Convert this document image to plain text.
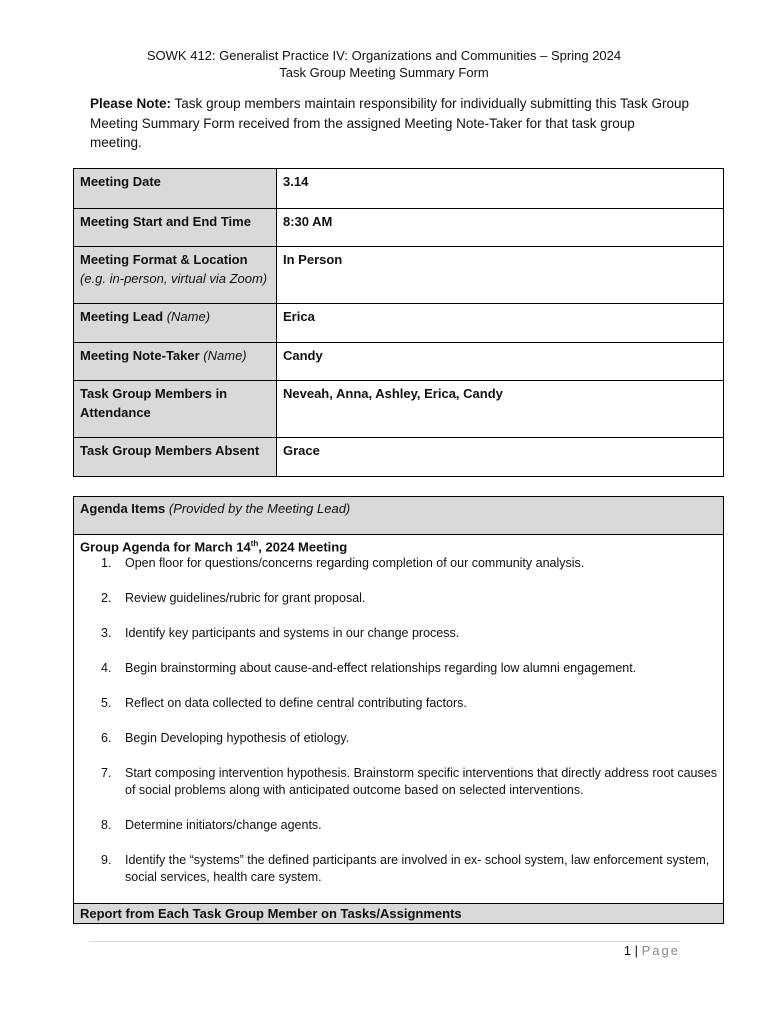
SOWK 412: Generalist Practice IV: Organizations and Communities – Spring 2024
Task Group Meeting Summary Form
Please Note: Task group members maintain responsibility for individually submitting this Task Group Meeting Summary Form received from the assigned Meeting Note-Taker for that task group meeting.
Meeting Date	3.14
Meeting Start and End Time	8:30 AM
Meeting Format & Location
(e.g. in-person, virtual via Zoom)	In Person
Meeting Lead (Name)	Erica
Meeting Note-Taker (Name)	Candy
Task Group Members in Attendance	Neveah, Anna, Ashley, Erica, Candy
Task Group Members Absent	Grace
Agenda Items (Provided by the Meeting Lead)
Group Agenda for March 14th, 2024 Meeting
1. Open floor for questions/concerns regarding completion of our community analysis.
2. Review guidelines/rubric for grant proposal.
3. Identify key participants and systems in our change process.
4. Begin brainstorming about cause-and-effect relationships regarding low alumni engagement.
5. Reflect on data collected to define central contributing factors.
6. Begin Developing hypothesis of etiology.
7. Start composing intervention hypothesis. Brainstorm specific interventions that directly address root causes of social problems along with anticipated outcome based on selected interventions.
8. Determine initiators/change agents.
9. Identify the “systems” the defined participants are involved in ex- school system, law enforcement system, social services, health care system.
Report from Each Task Group Member on Tasks/Assignments
1 | Page
